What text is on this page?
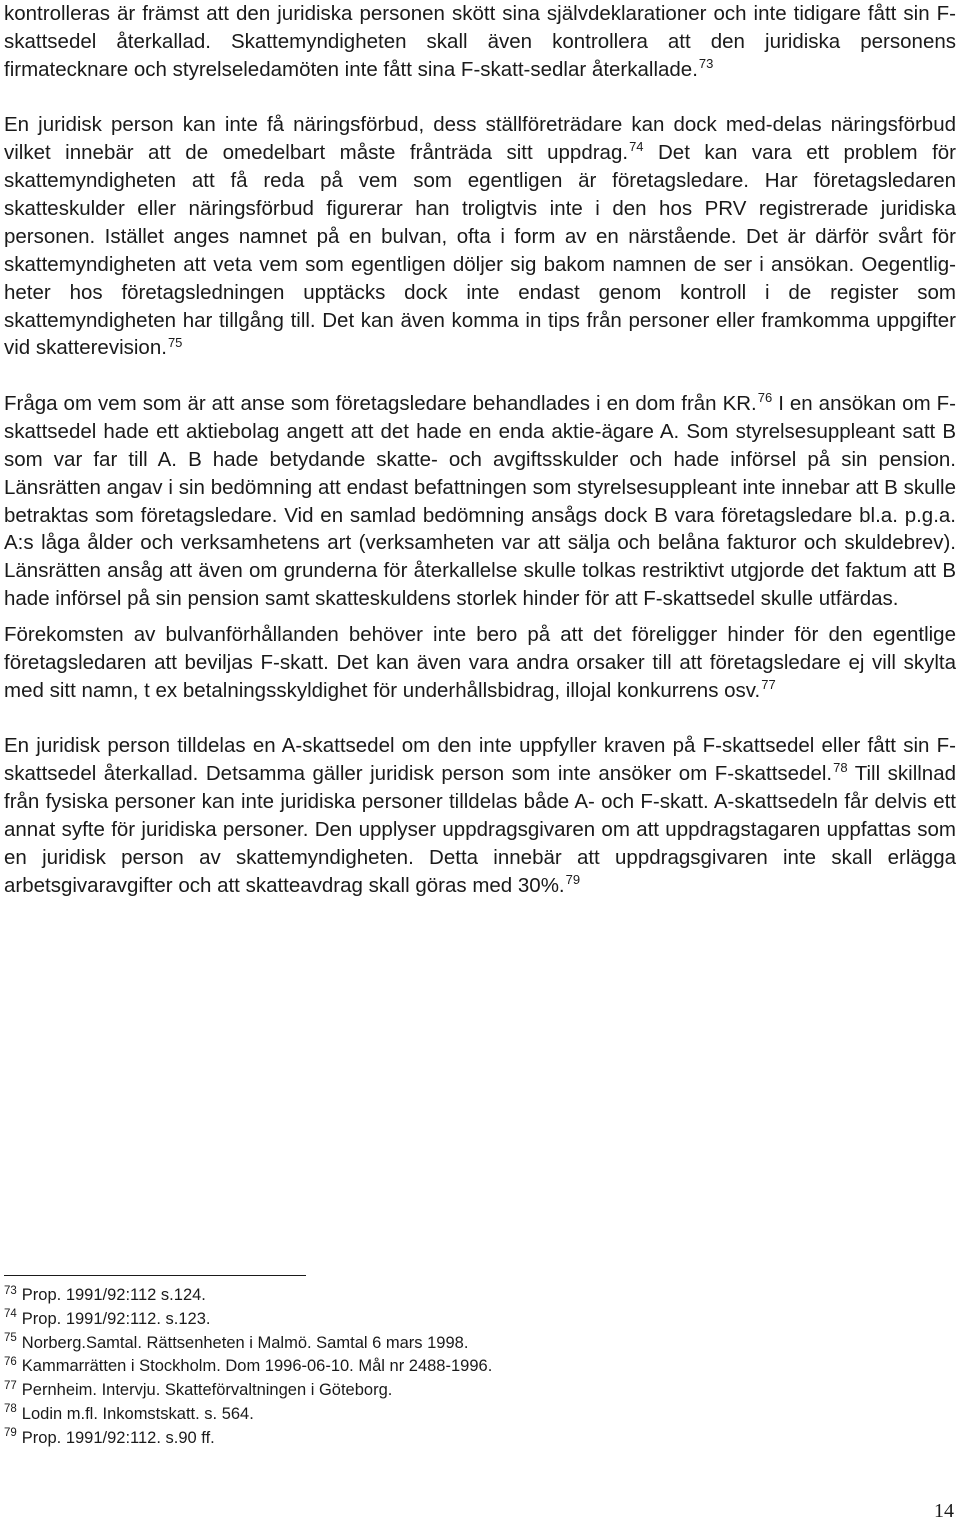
kontrolleras är främst att den juridiska personen skött sina självdeklarationer och inte tidigare fått sin F-skattsedel återkallad. Skattemyndigheten skall även kontrollera att den juridiska personens firmatecknare och styrelseledamöten inte fått sina F-skatt-sedlar återkallade.$^{73}$

En juridisk person kan inte få näringsförbud, dess ställföreträdare kan dock med-delas näringsförbud vilket innebär att de omedelbart måste frånträda sitt uppdrag.$^{74}$ Det kan vara ett problem för skattemyndigheten att få reda på vem som egentligen är företagsledare. Har företagsledaren skatteskulder eller näringsförbud figurerar han troligtvis inte i den hos PRV registrerade juridiska personen. Istället anges namnet på en bulvan, ofta i form av en närstående. Det är därför svårt för skattemyndigheten att veta vem som egentligen döljer sig bakom namnen de ser i ansökan. Oegentlig-heter hos företagsledningen upptäcks dock inte endast genom kontroll i de register som skattemyndigheten har tillgång till. Det kan även komma in tips från personer eller framkomma uppgifter vid skatterevision.$^{75}$

Fråga om vem som är att anse som företagsledare behandlades i en dom från KR.$^{76}$ I en ansökan om F-skattsedel hade ett aktiebolag angett att det hade en enda aktie-ägare A. Som styrelsesuppleant satt B som var far till A. B hade betydande skatte- och avgiftsskulder och hade införsel på sin pension. Länsrätten angav i sin bedömning att endast befattningen som styrelsesuppleant inte innebar att B skulle betraktas som företagsledare. Vid en samlad bedömning ansågs dock B vara företagsledare bl.a. p.g.a. A:s låga ålder och verksamhetens art (verksamheten var att sälja och belåna fakturor och skuldebrev). Länsrätten ansåg att även om grunderna för återkallelse skulle tolkas restriktivt utgjorde det faktum att B hade införsel på sin pension samt skatteskuldens storlek hinder för att F-skattsedel skulle utfärdas.

Förekomsten av bulvanförhållanden behöver inte bero på att det föreligger hinder för den egentlige företagsledaren att beviljas F-skatt. Det kan även vara andra orsaker till att företagsledare ej vill skylta med sitt namn, t ex betalningsskyldighet för underhållsbidrag, illojal konkurrens osv.$^{77}$

En juridisk person tilldelas en A-skattsedel om den inte uppfyller kraven på F-skattsedel eller fått sin F-skattsedel återkallad. Detsamma gäller juridisk person som inte ansöker om F-skattsedel.$^{78}$ Till skillnad från fysiska personer kan inte juridiska personer tilldelas både A- och F-skatt. A-skattsedeln får delvis ett annat syfte för juridiska personer. Den upplyser uppdragsgivaren om att uppdragstagaren uppfattas som en juridisk person av skattemyndigheten. Detta innebär att uppdragsgivaren inte skall erlägga arbetsgivaravgifter och att skatteavdrag skall göras med 30%.$^{79}$

$^{73}$ Prop. 1991/92:112 s.124.
$^{74}$ Prop. 1991/92:112. s.123.
$^{75}$ Norberg.Samtal. Rättsenheten i Malmö. Samtal 6 mars 1998.
$^{76}$ Kammarrätten i Stockholm. Dom 1996-06-10. Mål nr 2488-1996.
$^{77}$ Pernheim. Intervju. Skatteförvaltningen i Göteborg.
$^{78}$ Lodin m.fl. Inkomstskatt. s. 564.
$^{79}$ Prop. 1991/92:112. s.90 ff.
14
